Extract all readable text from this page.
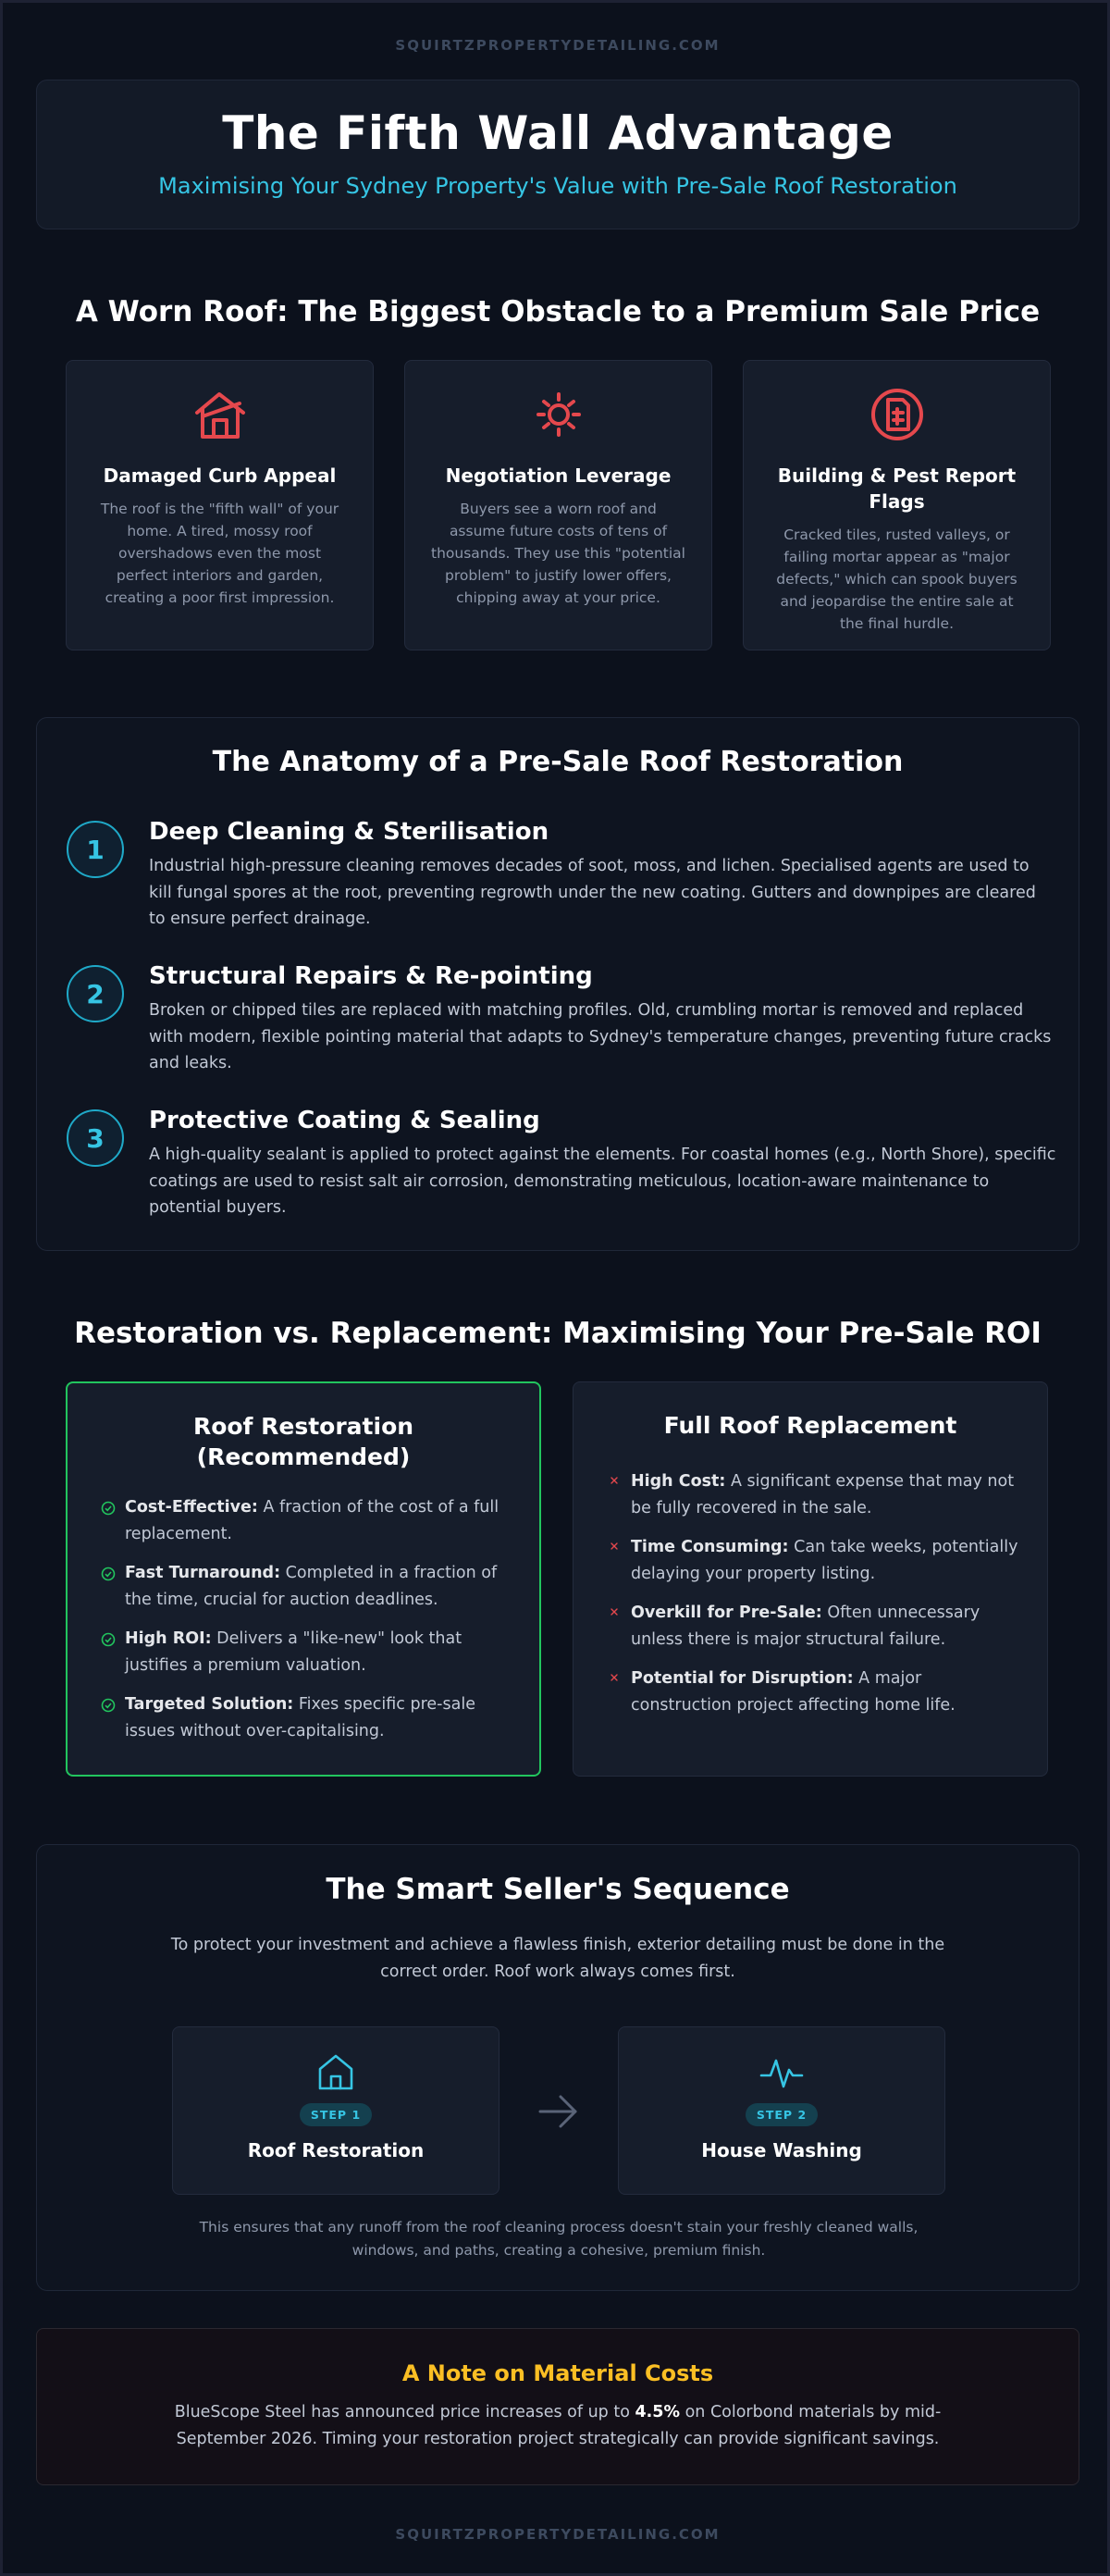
SQUIRTZPROPERTYDETAILING.COM
The Fifth Wall Advantage

Maximising Your Sydney Property's Value with Pre-Sale Roof Restoration

A Worn Roof: The Biggest Obstacle to a Premium Sale Price
Damaged Curb Appeal

The roof is the "fifth wall" of your home. A tired, mossy roof overshadows even the most perfect interiors and garden, creating a poor first impression.

Negotiation Leverage

Buyers see a worn roof and assume future costs of tens of thousands. They use this "potential problem" to justify lower offers, chipping away at your price.

Building & Pest Report Flags

Cracked tiles, rusted valleys, or failing mortar appear as "major defects," which can spook buyers and jeopardise the entire sale at the final hurdle.

The Anatomy of a Pre-Sale Roof Restoration
1
Deep Cleaning & Sterilisation

Industrial high-pressure cleaning removes decades of soot, moss, and lichen. Specialised agents are used to kill fungal spores at the root, preventing regrowth under the new coating. Gutters and downpipes are cleared to ensure perfect drainage.

2
Structural Repairs & Re-pointing

Broken or chipped tiles are replaced with matching profiles. Old, crumbling mortar is removed and replaced with modern, flexible pointing material that adapts to Sydney's temperature changes, preventing future cracks and leaks.

3
Protective Coating & Sealing

A high-quality sealant is applied to protect against the elements. For coastal homes (e.g., North Shore), specific coatings are used to resist salt air corrosion, demonstrating meticulous, location-aware maintenance to potential buyers.

Restoration vs. Replacement: Maximising Your Pre-Sale ROI
Roof Restoration (Recommended)
Cost-Effective: A fraction of the cost of a full replacement.
Fast Turnaround: Completed in a fraction of the time, crucial for auction deadlines.
High ROI: Delivers a "like-new" look that justifies a premium valuation.
Targeted Solution: Fixes specific pre-sale issues without over-capitalising.
Full Roof Replacement
High Cost: A significant expense that may not be fully recovered in the sale.
Time Consuming: Can take weeks, potentially delaying your property listing.
Overkill for Pre-Sale: Often unnecessary unless there is major structural failure.
Potential for Disruption: A major construction project affecting home life.
The Smart Seller's Sequence

To protect your investment and achieve a flawless finish, exterior detailing must be done in the correct order. Roof work always comes first.

STEP 1
Roof Restoration
STEP 2
House Washing

This ensures that any runoff from the roof cleaning process doesn't stain your freshly cleaned walls, windows, and paths, creating a cohesive, premium finish.

A Note on Material Costs

BlueScope Steel has announced price increases of up to 4.5% on Colorbond materials by mid-September 2026. Timing your restoration project strategically can provide significant savings.

SQUIRTZPROPERTYDETAILING.COM
